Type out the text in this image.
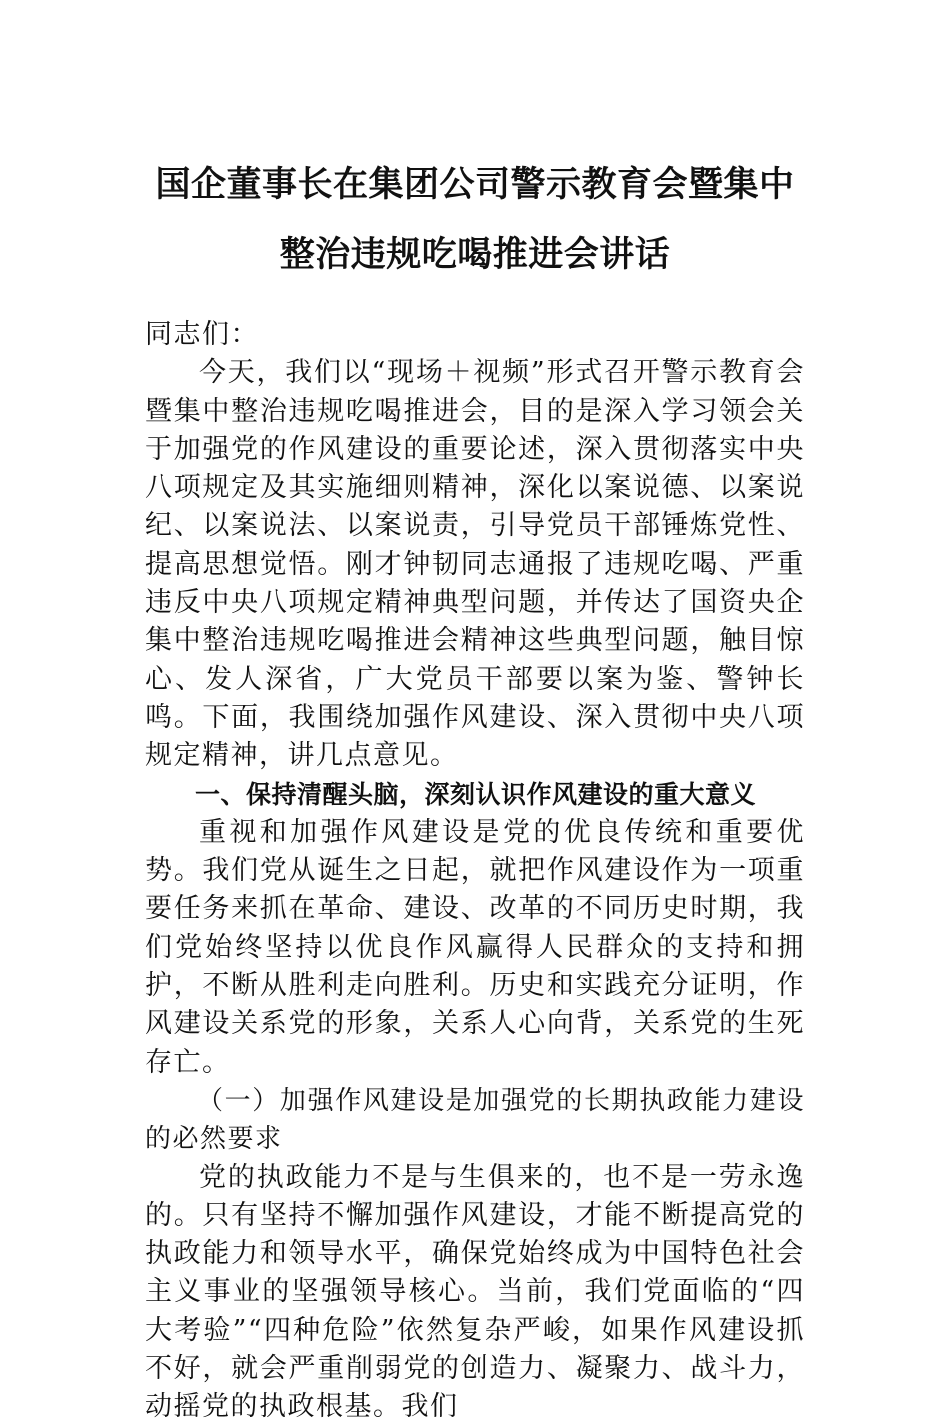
国企董事长在集团公司警示教育会暨集中
整治违规吃喝推进会讲话

同志们：

今天，我们以“现场＋视频”形式召开警示教育会暨集中整治违规吃喝推进会，目的是深入学习领会关于加强党的作风建设的重要论述，深入贯彻落实中央八项规定及其实施细则精神，深化以案说德、以案说纪、以案说法、以案说责，引导党员干部锤炼党性、提高思想觉悟。刚才钟韧同志通报了违规吃喝、严重违反中央八项规定精神典型问题，并传达了国资央企集中整治违规吃喝推进会精神这些典型问题，触目惊心、发人深省，广大党员干部要以案为鉴、警钟长鸣。下面，我围绕加强作风建设、深入贯彻中央八项规定精神，讲几点意见。

一、保持清醒头脑，深刻认识作风建设的重大意义

重视和加强作风建设是党的优良传统和重要优势。我们党从诞生之日起，就把作风建设作为一项重要任务来抓在革命、建设、改革的不同历史时期，我们党始终坚持以优良作风赢得人民群众的支持和拥护，不断从胜利走向胜利。历史和实践充分证明，作风建设关系党的形象，关系人心向背，关系党的生死存亡。

（一）加强作风建设是加强党的长期执政能力建设的必然要求

党的执政能力不是与生俱来的，也不是一劳永逸的。只有坚持不懈加强作风建设，才能不断提高党的执政能力和领导水平，确保党始终成为中国特色社会主义事业的坚强领导核心。当前，我们党面临的“四大考验”“四种危险”依然复杂严峻，如果作风建设抓不好，就会严重削弱党的创造力、凝聚力、战斗力，动摇党的执政根基。我们
